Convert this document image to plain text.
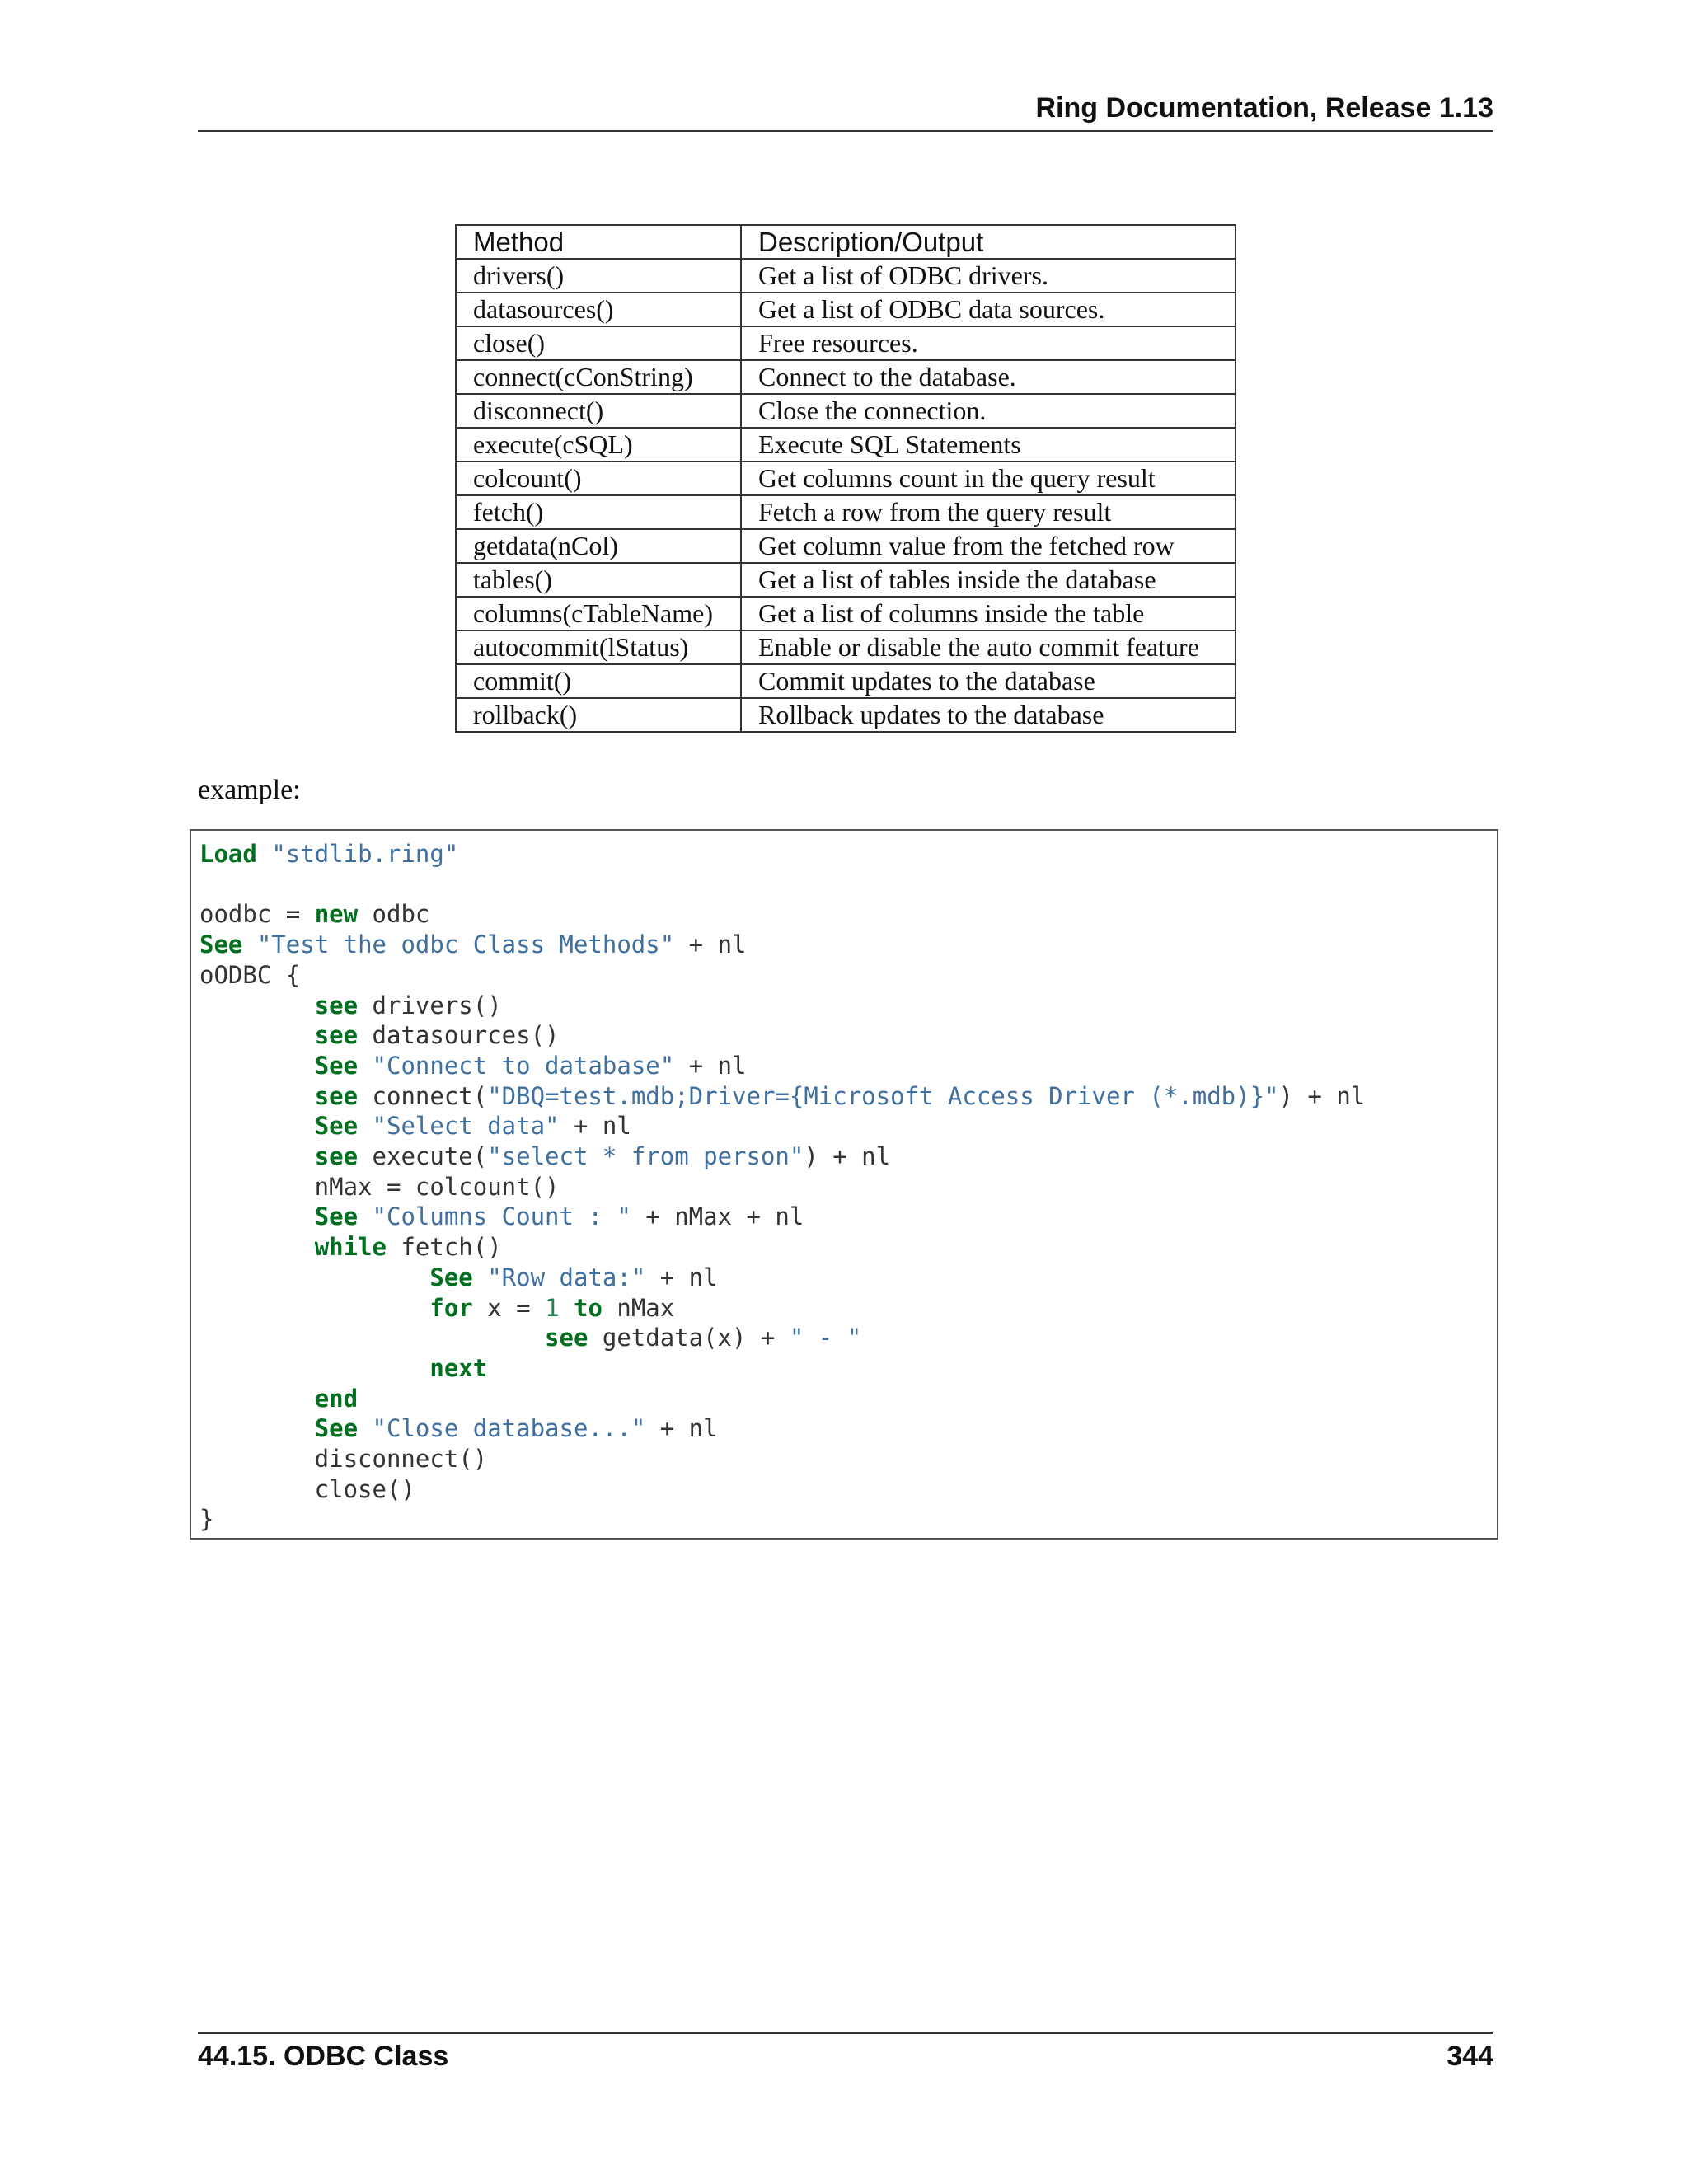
Ring Documentation, Release 1.13
Method	Description/Output
drivers()	Get a list of ODBC drivers.
datasources()	Get a list of ODBC data sources.
close()	Free resources.
connect(cConString)	Connect to the database.
disconnect()	Close the connection.
execute(cSQL)	Execute SQL Statements
colcount()	Get columns count in the query result
fetch()	Fetch a row from the query result
getdata(nCol)	Get column value from the fetched row
tables()	Get a list of tables inside the database
columns(cTableName)	Get a list of columns inside the table
autocommit(lStatus)	Enable or disable the auto commit feature
commit()	Commit updates to the database
rollback()	Rollback updates to the database
example:
Load "stdlib.ring"

oodbc = new odbc
See "Test the odbc Class Methods" + nl
oODBC {
see drivers()
see datasources()
See "Connect to database" + nl
see connect("DBQ=test.mdb;Driver={Microsoft Access Driver (*.mdb)}") + nl
See "Select data" + nl
see execute("select * from person") + nl
nMax = colcount()
See "Columns Count : " + nMax + nl
while fetch()
See "Row data:" + nl
for x = 1 to nMax
see getdata(x) + " - "
next
end
See "Close database..." + nl
disconnect()
close()
}

44.15. ODBC Class	344
